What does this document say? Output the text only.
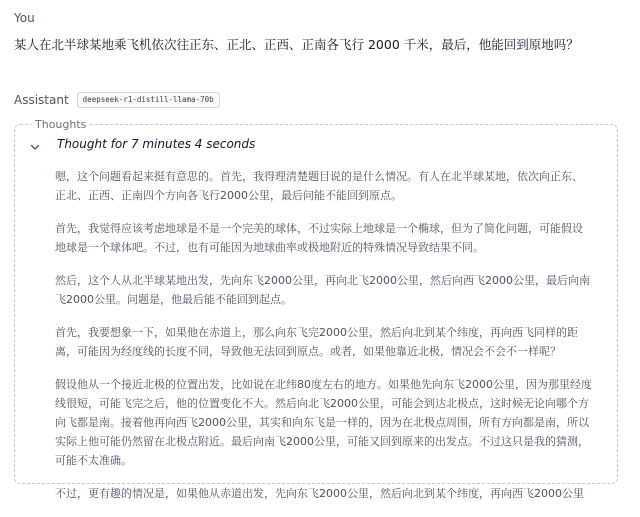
You
某人在北半球某地乘飞机依次往正东、正北、正西、正南各飞行 2000 千米，最后，他能回到原地吗？
Assistant	deepseek-r1-distill-llama-70b
Thoughts
Thought for 7 minutes 4 seconds

嗯，这个问题看起来挺有意思的。首先，我得理清楚题目说的是什么情况。有人在北半球某地，依次向正东、正北、正西、正南四个方向各飞行2000公里，最后问能不能回到原点。

首先，我觉得应该考虑地球是不是一个完美的球体，不过实际上地球是一个椭球，但为了简化问题，可能假设地球是一个球体吧。不过，也有可能因为地球曲率或极地附近的特殊情况导致结果不同。

然后，这个人从北半球某地出发，先向东飞2000公里，再向北飞2000公里，然后向西飞2000公里，最后向南飞2000公里。问题是，他最后能不能回到起点。

首先，我要想象一下，如果他在赤道上，那么向东飞完2000公里，然后向北到某个纬度，再向西飞同样的距离，可能因为经度线的长度不同，导致他无法回到原点。或者，如果他靠近北极，情况会不会不一样呢？

假设他从一个接近北极的位置出发，比如说在北纬80度左右的地方。如果他先向东飞2000公里，因为那里经度线很短，可能飞完之后，他的位置变化不大。然后向北飞2000公里，可能会到达北极点，这时候无论向哪个方向飞都是南。接着他再向西飞2000公里，其实和向东飞是一样的，因为在北极点周围，所有方向都是南，所以实际上他可能仍然留在北极点附近。最后向南飞2000公里，可能又回到原来的出发点。不过这只是我的猜测，可能不太准确。

不过，更有趣的情况是，如果他从赤道出发，先向东飞2000公里，然后向北到某个纬度，再向西飞2000公里
